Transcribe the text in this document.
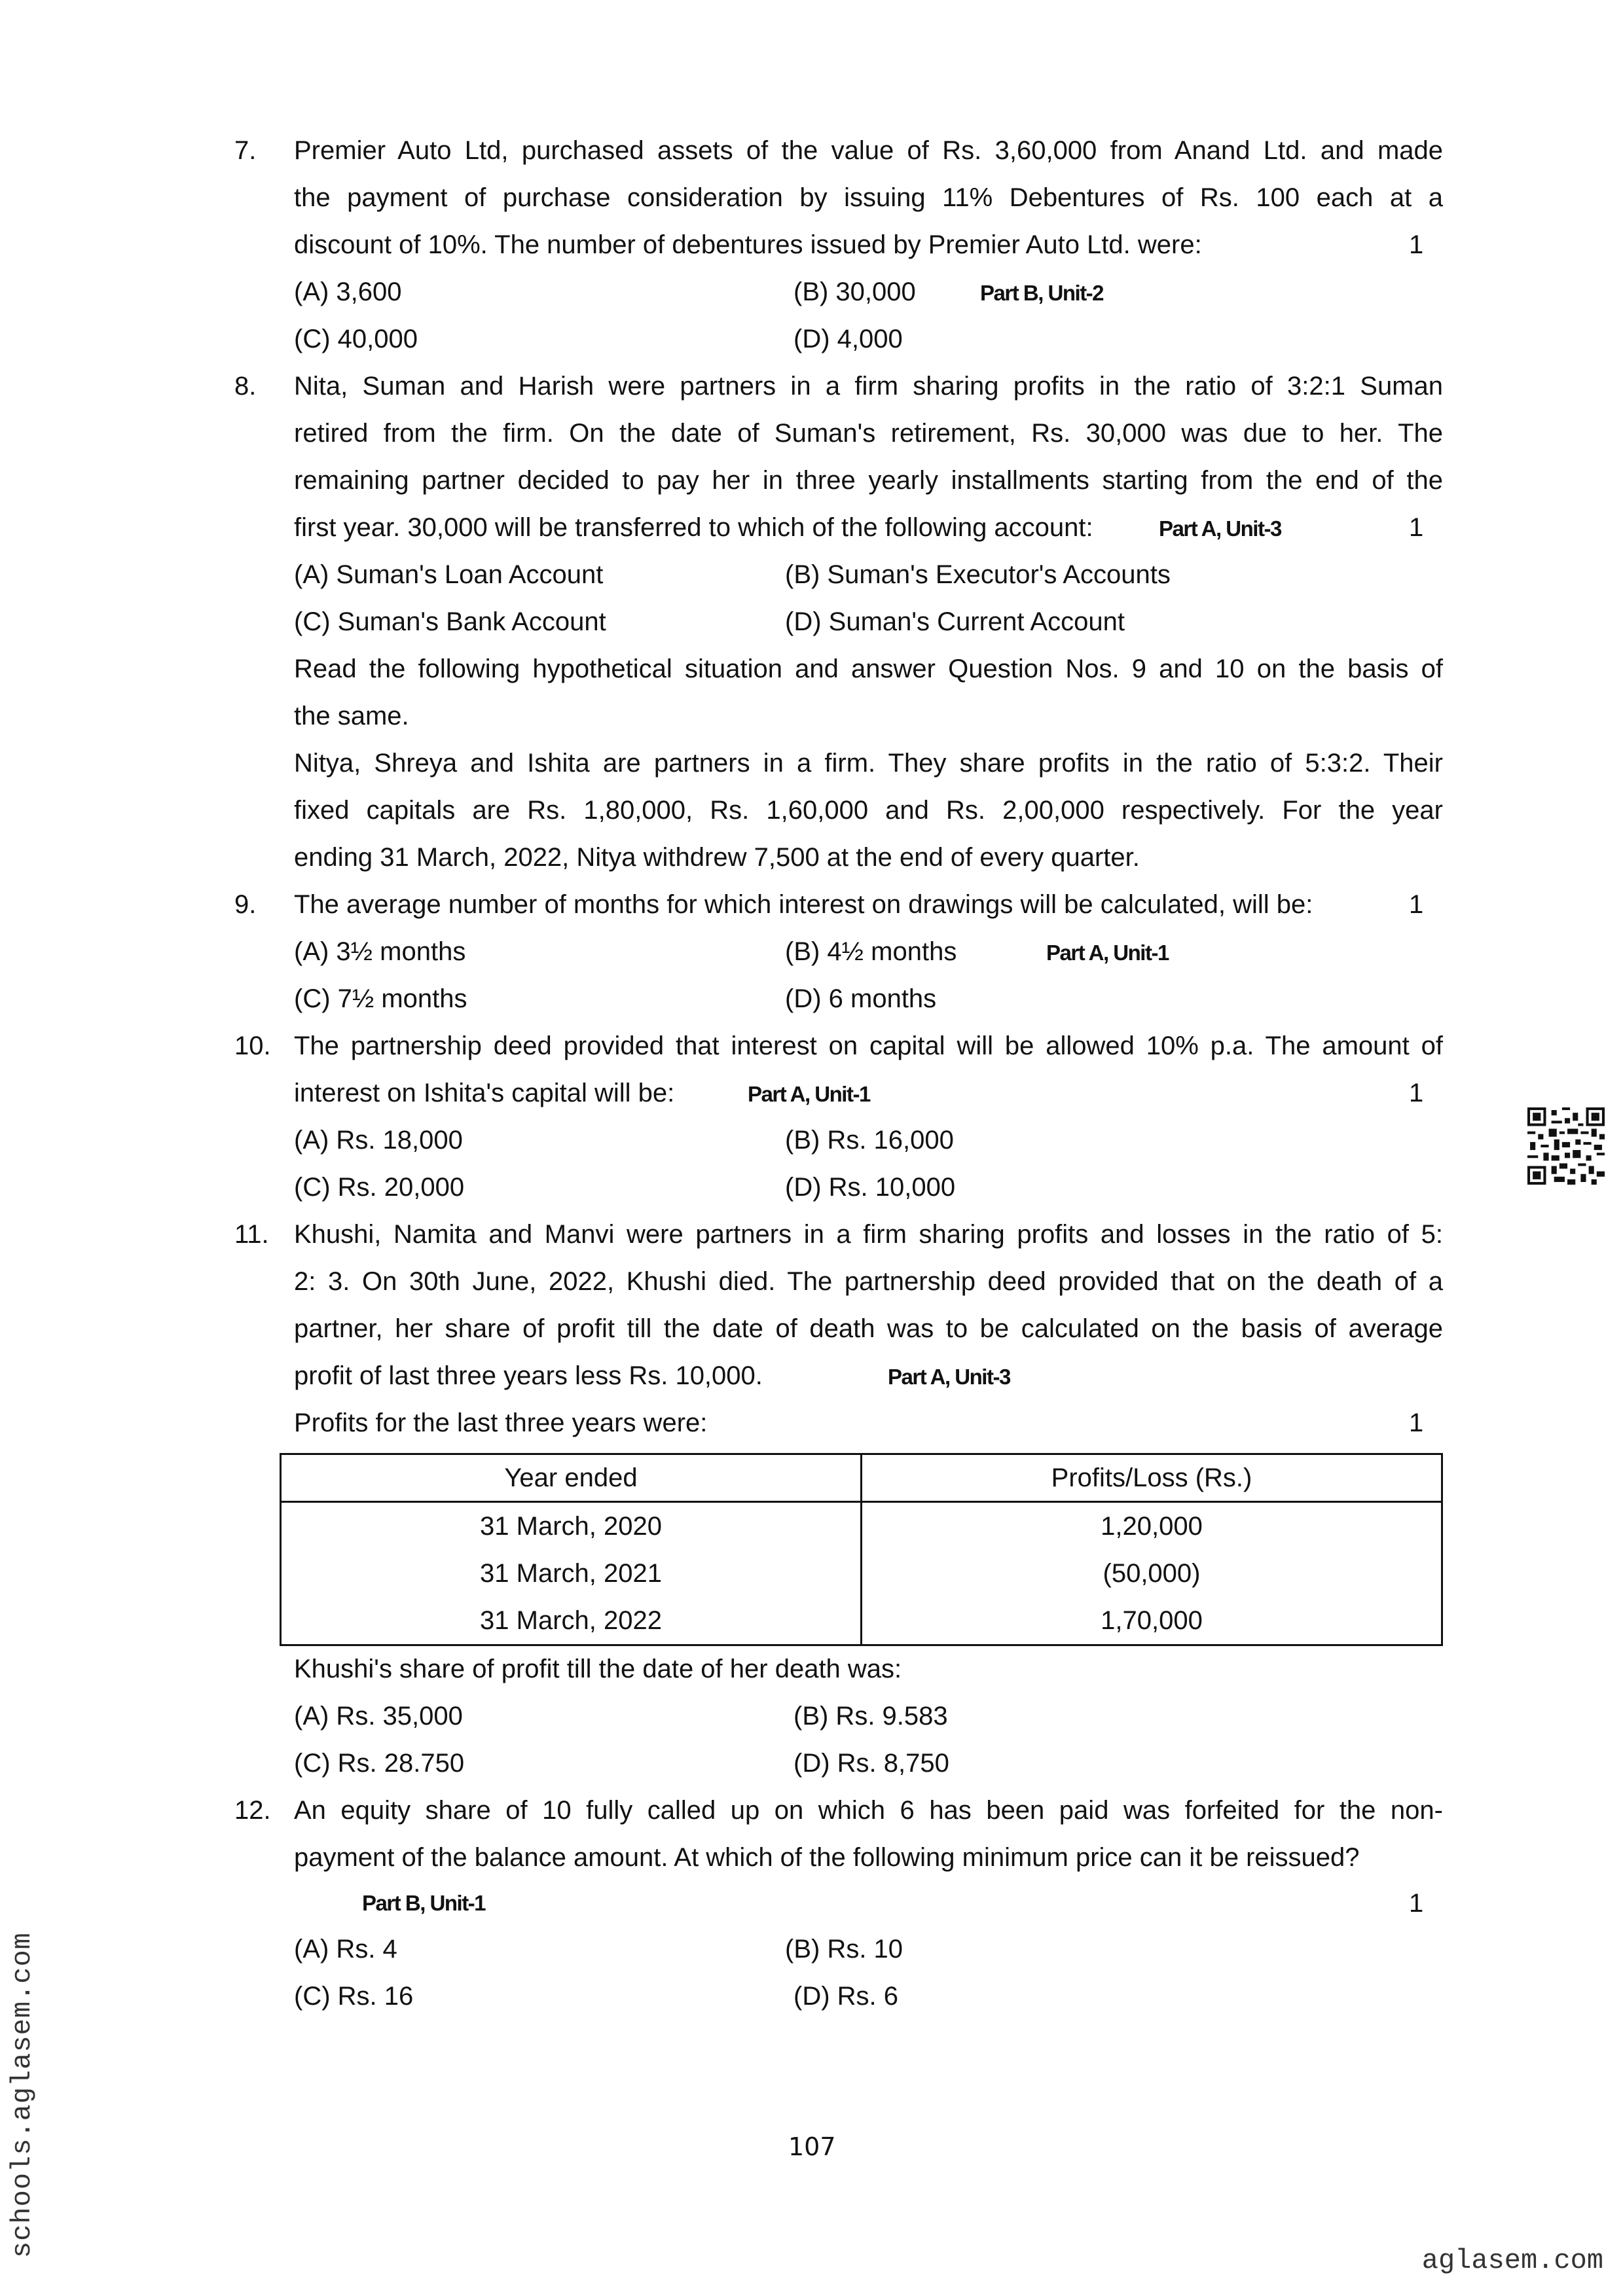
7. Premier Auto Ltd, purchased assets of the value of Rs. 3,60,000 from Anand Ltd. and made
the payment of purchase consideration by issuing 11% Debentures of Rs. 100 each at a
discount of 10%. The number of debentures issued by Premier Auto Ltd. were:	1
(A) 3,600	(B) 30,000	Part B, Unit-2
(C) 40,000	(D) 4,000
8. Nita, Suman and Harish were partners in a firm sharing profits in the ratio of 3:2:1 Suman
retired from the firm. On the date of Suman's retirement, Rs. 30,000 was due to her. The
remaining partner decided to pay her in three yearly installments starting from the end of the
first year. 30,000 will be transferred to which of the following account:	Part A, Unit-3	1
(A) Suman's Loan Account	(B) Suman's Executor's Accounts
(C) Suman's Bank Account	(D) Suman's Current Account
Read the following hypothetical situation and answer Question Nos. 9 and 10 on the basis of
the same.
Nitya, Shreya and Ishita are partners in a firm. They share profits in the ratio of 5:3:2. Their
fixed capitals are Rs. 1,80,000, Rs. 1,60,000 and Rs. 2,00,000 respectively. For the year
ending 31 March, 2022, Nitya withdrew 7,500 at the end of every quarter.
9. The average number of months for which interest on drawings will be calculated, will be:	1
(A) 3½ months	(B) 4½ months	Part A, Unit-1
(C) 7½ months	(D) 6 months
10. The partnership deed provided that interest on capital will be allowed 10% p.a. The amount of
interest on Ishita's capital will be:	Part A, Unit-1	1
(A) Rs. 18,000	(B) Rs. 16,000
(C) Rs. 20,000	(D) Rs. 10,000
11. Khushi, Namita and Manvi were partners in a firm sharing profits and losses in the ratio of 5:
2: 3. On 30th June, 2022, Khushi died. The partnership deed provided that on the death of a
partner, her share of profit till the date of death was to be calculated on the basis of average
profit of last three years less Rs. 10,000.	Part A, Unit-3
Profits for the last three years were:	1
Year ended	Profits/Loss (Rs.)
31 March, 2020	1,20,000
31 March, 2021	(50,000)
31 March, 2022	1,70,000
Khushi's share of profit till the date of her death was:
(A) Rs. 35,000	(B) Rs. 9.583
(C) Rs. 28.750	(D) Rs. 8,750
12. An equity share of 10 fully called up on which 6 has been paid was forfeited for the non-
payment of the balance amount. At which of the following minimum price can it be reissued?
Part B, Unit-1	1
(A) Rs. 4	(B) Rs. 10
(C) Rs. 16	(D) Rs. 6
107
schools.aglasem.com
aglasem.com
